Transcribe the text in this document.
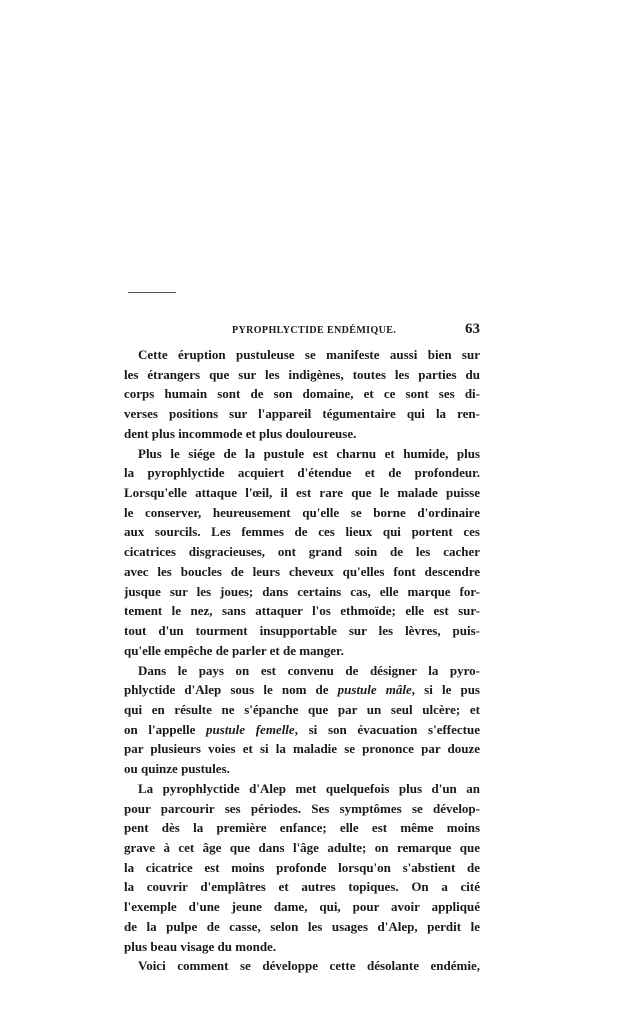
PYROPHLYCTIDE ENDÉMIQUE.	63
Cette éruption pustuleuse se manifeste aussi bien sur
les étrangers que sur les indigènes, toutes les parties du
corps humain sont de son domaine, et ce sont ses di-
verses positions sur l'appareil tégumentaire qui la ren-
dent plus incommode et plus douloureuse.
Plus le siége de la pustule est charnu et humide, plus
la pyrophlyctide acquiert d'étendue et de profondeur.
Lorsqu'elle attaque l'œil, il est rare que le malade puisse
le conserver, heureusement qu'elle se borne d'ordinaire
aux sourcils. Les femmes de ces lieux qui portent ces
cicatrices disgracieuses, ont grand soin de les cacher
avec les boucles de leurs cheveux qu'elles font descendre
jusque sur les joues; dans certains cas, elle marque for-
tement le nez, sans attaquer l'os ethmoïde; elle est sur-
tout d'un tourment insupportable sur les lèvres, puis-
qu'elle empêche de parler et de manger.
Dans le pays on est convenu de désigner la pyro-
phlyctide d'Alep sous le nom de pustule mâle, si le pus
qui en résulte ne s'épanche que par un seul ulcère; et
on l'appelle pustule femelle, si son évacuation s'effectue
par plusieurs voies et si la maladie se prononce par douze
ou quinze pustules.
La pyrophlyctide d'Alep met quelquefois plus d'un an
pour parcourir ses périodes. Ses symptômes se dévelop-
pent dès la première enfance; elle est même moins
grave à cet âge que dans l'âge adulte; on remarque que
la cicatrice est moins profonde lorsqu'on s'abstient de
la couvrir d'emplâtres et autres topiques. On a cité
l'exemple d'une jeune dame, qui, pour avoir appliqué
de la pulpe de casse, selon les usages d'Alep, perdit le
plus beau visage du monde.
Voici comment se développe cette désolante endémie,
